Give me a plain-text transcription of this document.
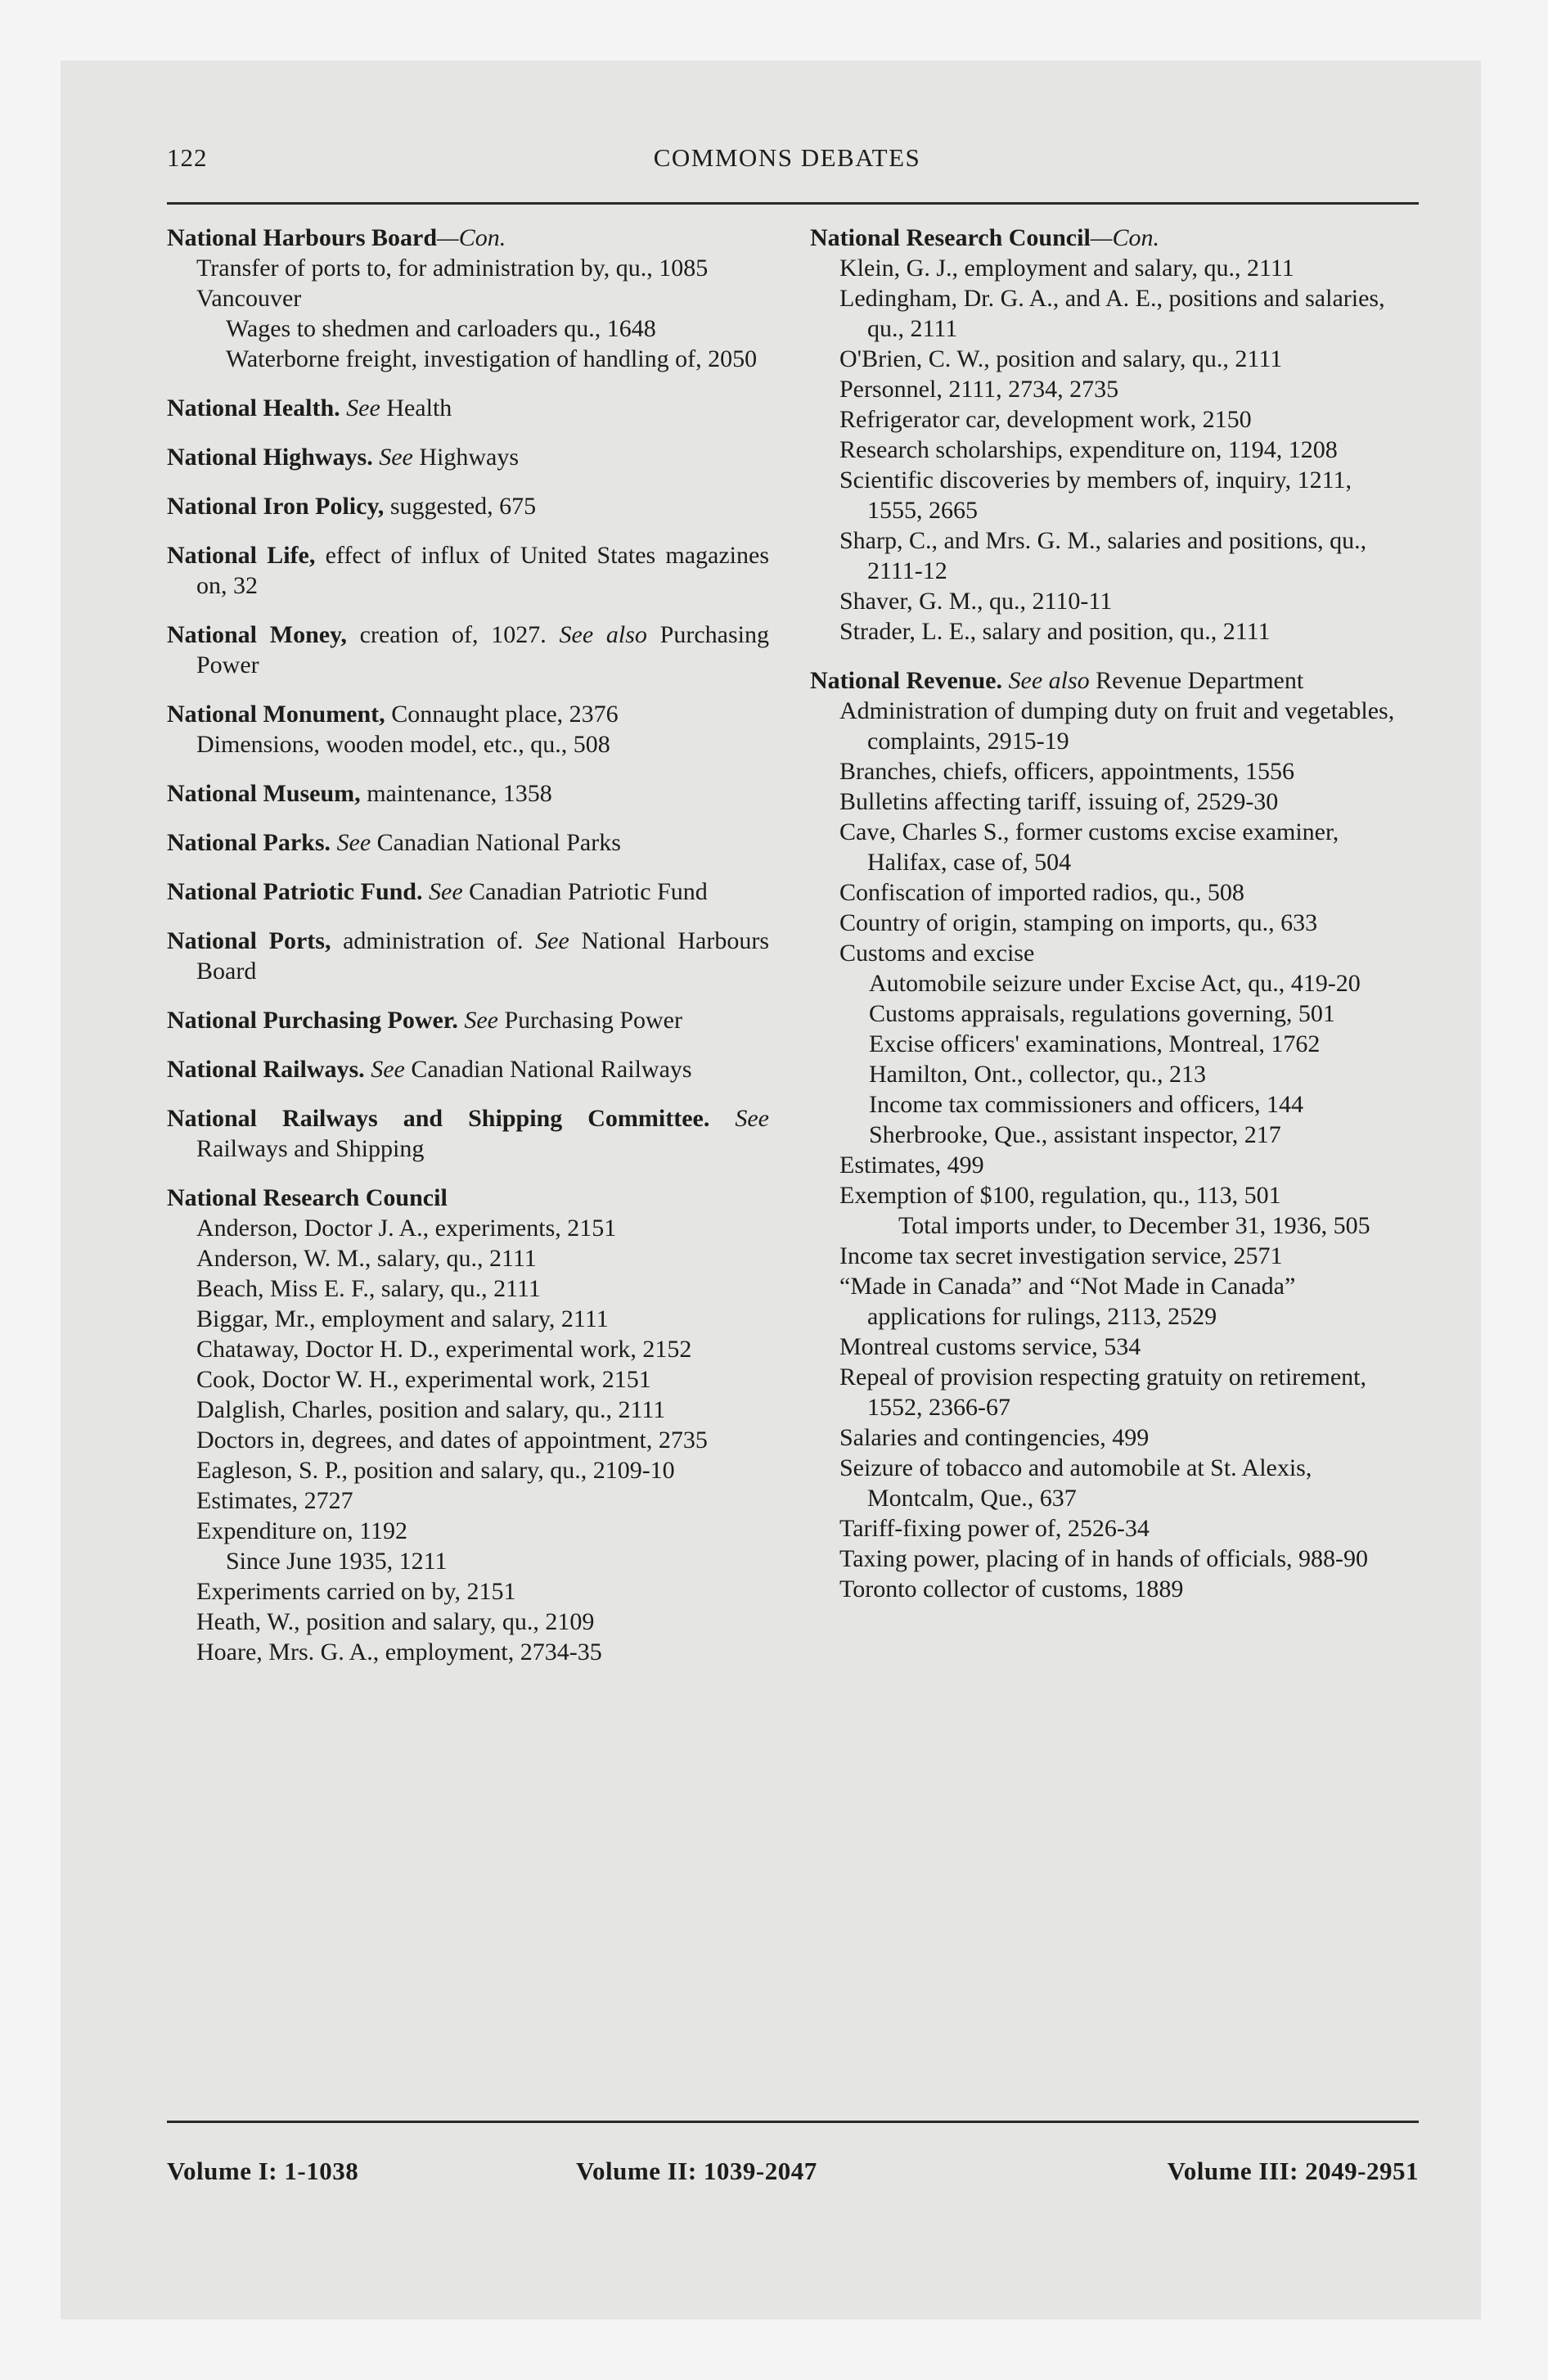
122	COMMONS DEBATES
National Harbours Board—Con.
Transfer of ports to, for administration by, qu., 1085
Vancouver
Wages to shedmen and carloaders qu., 1648
Waterborne freight, investigation of handling of, 2050
National Health. See Health
National Highways. See Highways
National Iron Policy, suggested, 675
National Life, effect of influx of United States magazines on, 32
National Money, creation of, 1027. See also Purchasing Power
National Monument, Connaught place, 2376
Dimensions, wooden model, etc., qu., 508
National Museum, maintenance, 1358
National Parks. See Canadian National Parks
National Patriotic Fund. See Canadian Patriotic Fund
National Ports, administration of. See National Harbours Board
National Purchasing Power. See Purchasing Power
National Railways. See Canadian National Railways
National Railways and Shipping Committee. See Railways and Shipping
National Research Council
Anderson, Doctor J. A., experiments, 2151
Anderson, W. M., salary, qu., 2111
Beach, Miss E. F., salary, qu., 2111
Biggar, Mr., employment and salary, 2111
Chataway, Doctor H. D., experimental work, 2152
Cook, Doctor W. H., experimental work, 2151
Dalglish, Charles, position and salary, qu., 2111
Doctors in, degrees, and dates of appointment, 2735
Eagleson, S. P., position and salary, qu., 2109-10
Estimates, 2727
Expenditure on, 1192
Since June 1935, 1211
Experiments carried on by, 2151
Heath, W., position and salary, qu., 2109
Hoare, Mrs. G. A., employment, 2734-35
National Research Council—Con.
Klein, G. J., employment and salary, qu., 2111
Ledingham, Dr. G. A., and A. E., positions and salaries, qu., 2111
O'Brien, C. W., position and salary, qu., 2111
Personnel, 2111, 2734, 2735
Refrigerator car, development work, 2150
Research scholarships, expenditure on, 1194, 1208
Scientific discoveries by members of, inquiry, 1211, 1555, 2665
Sharp, C., and Mrs. G. M., salaries and positions, qu., 2111-12
Shaver, G. M., qu., 2110-11
Strader, L. E., salary and position, qu., 2111
National Revenue. See also Revenue Department
Administration of dumping duty on fruit and vegetables, complaints, 2915-19
Branches, chiefs, officers, appointments, 1556
Bulletins affecting tariff, issuing of, 2529-30
Cave, Charles S., former customs excise examiner, Halifax, case of, 504
Confiscation of imported radios, qu., 508
Country of origin, stamping on imports, qu., 633
Customs and excise
Automobile seizure under Excise Act, qu., 419-20
Customs appraisals, regulations governing, 501
Excise officers' examinations, Montreal, 1762
Hamilton, Ont., collector, qu., 213
Income tax commissioners and officers, 144
Sherbrooke, Que., assistant inspector, 217
Estimates, 499
Exemption of $100, regulation, qu., 113, 501
Total imports under, to December 31, 1936, 505
Income tax secret investigation service, 2571
“Made in Canada” and “Not Made in Canada” applications for rulings, 2113, 2529
Montreal customs service, 534
Repeal of provision respecting gratuity on retirement, 1552, 2366-67
Salaries and contingencies, 499
Seizure of tobacco and automobile at St. Alexis, Montcalm, Que., 637
Tariff-fixing power of, 2526-34
Taxing power, placing of in hands of officials, 988-90
Toronto collector of customs, 1889
Volume I: 1-1038	Volume II: 1039-2047	Volume III: 2049-2951
